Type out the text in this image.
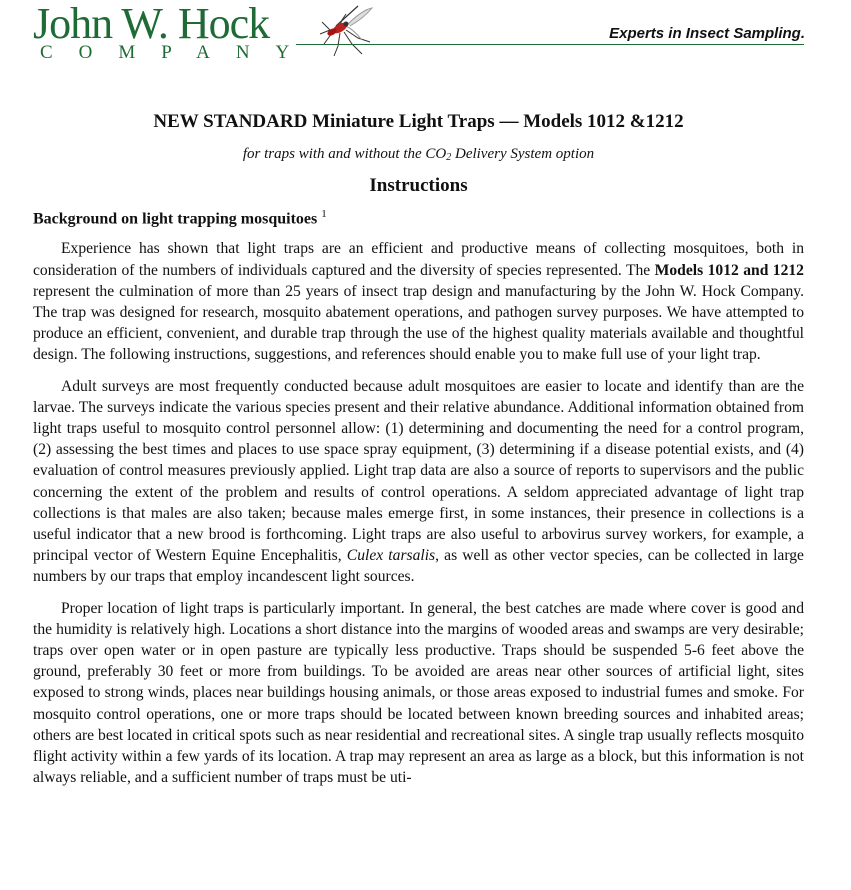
John W. Hock
COMPANY
Experts in Insect Sampling.
NEW STANDARD Miniature Light Traps — Models 1012 &1212
for traps with and without the $CO_2$ Delivery System option
Instructions
Background on light trapping mosquitoes $^1$

Experience has shown that light traps are an efficient and productive means of collecting mosquitoes, both in consideration of the numbers of individuals captured and the diversity of species represented. The Models 1012 and 1212 represent the culmination of more than 25 years of insect trap design and manufacturing by the John W. Hock Company. The trap was designed for research, mosquito abatement operations, and pathogen survey purposes. We have attempted to produce an efficient, convenient, and durable trap through the use of the highest quality materials available and thoughtful design. The following instructions, suggestions, and references should enable you to make full use of your light trap.

Adult surveys are most frequently conducted because adult mosquitoes are easier to locate and identify than are the larvae. The surveys indicate the various species present and their relative abundance. Additional information obtained from light traps useful to mosquito control personnel allow: (1) determining and documenting the need for a control program, (2) assessing the best times and places to use space spray equipment, (3) determining if a disease potential exists, and (4) evaluation of control measures previously applied. Light trap data are also a source of reports to supervisors and the public concerning the extent of the problem and results of control operations. A seldom appreciated advantage of light trap collections is that males are also taken; because males emerge first, in some instances, their presence in collections is a useful indicator that a new brood is forthcoming. Light traps are also useful to arbovirus survey workers, for example, a principal vector of Western Equine Encephalitis, Culex tarsalis, as well as other vector species, can be collected in large numbers by our traps that employ incandescent light sources.

Proper location of light traps is particularly important. In general, the best catches are made where cover is good and the humidity is relatively high. Locations a short distance into the margins of wooded areas and swamps are very desirable; traps over open water or in open pasture are typically less productive. Traps should be suspended 5-6 feet above the ground, preferably 30 feet or more from buildings. To be avoided are areas near other sources of artificial light, sites exposed to strong winds, places near buildings housing animals, or those areas exposed to industrial fumes and smoke. For mosquito control operations, one or more traps should be located between known breeding sources and inhabited areas; others are best located in critical spots such as near residential and recreational sites. A single trap usually reflects mosquito flight activity within a few yards of its location. A trap may represent an area as large as a block, but this information is not always reliable, and a sufficient number of traps must be uti-
